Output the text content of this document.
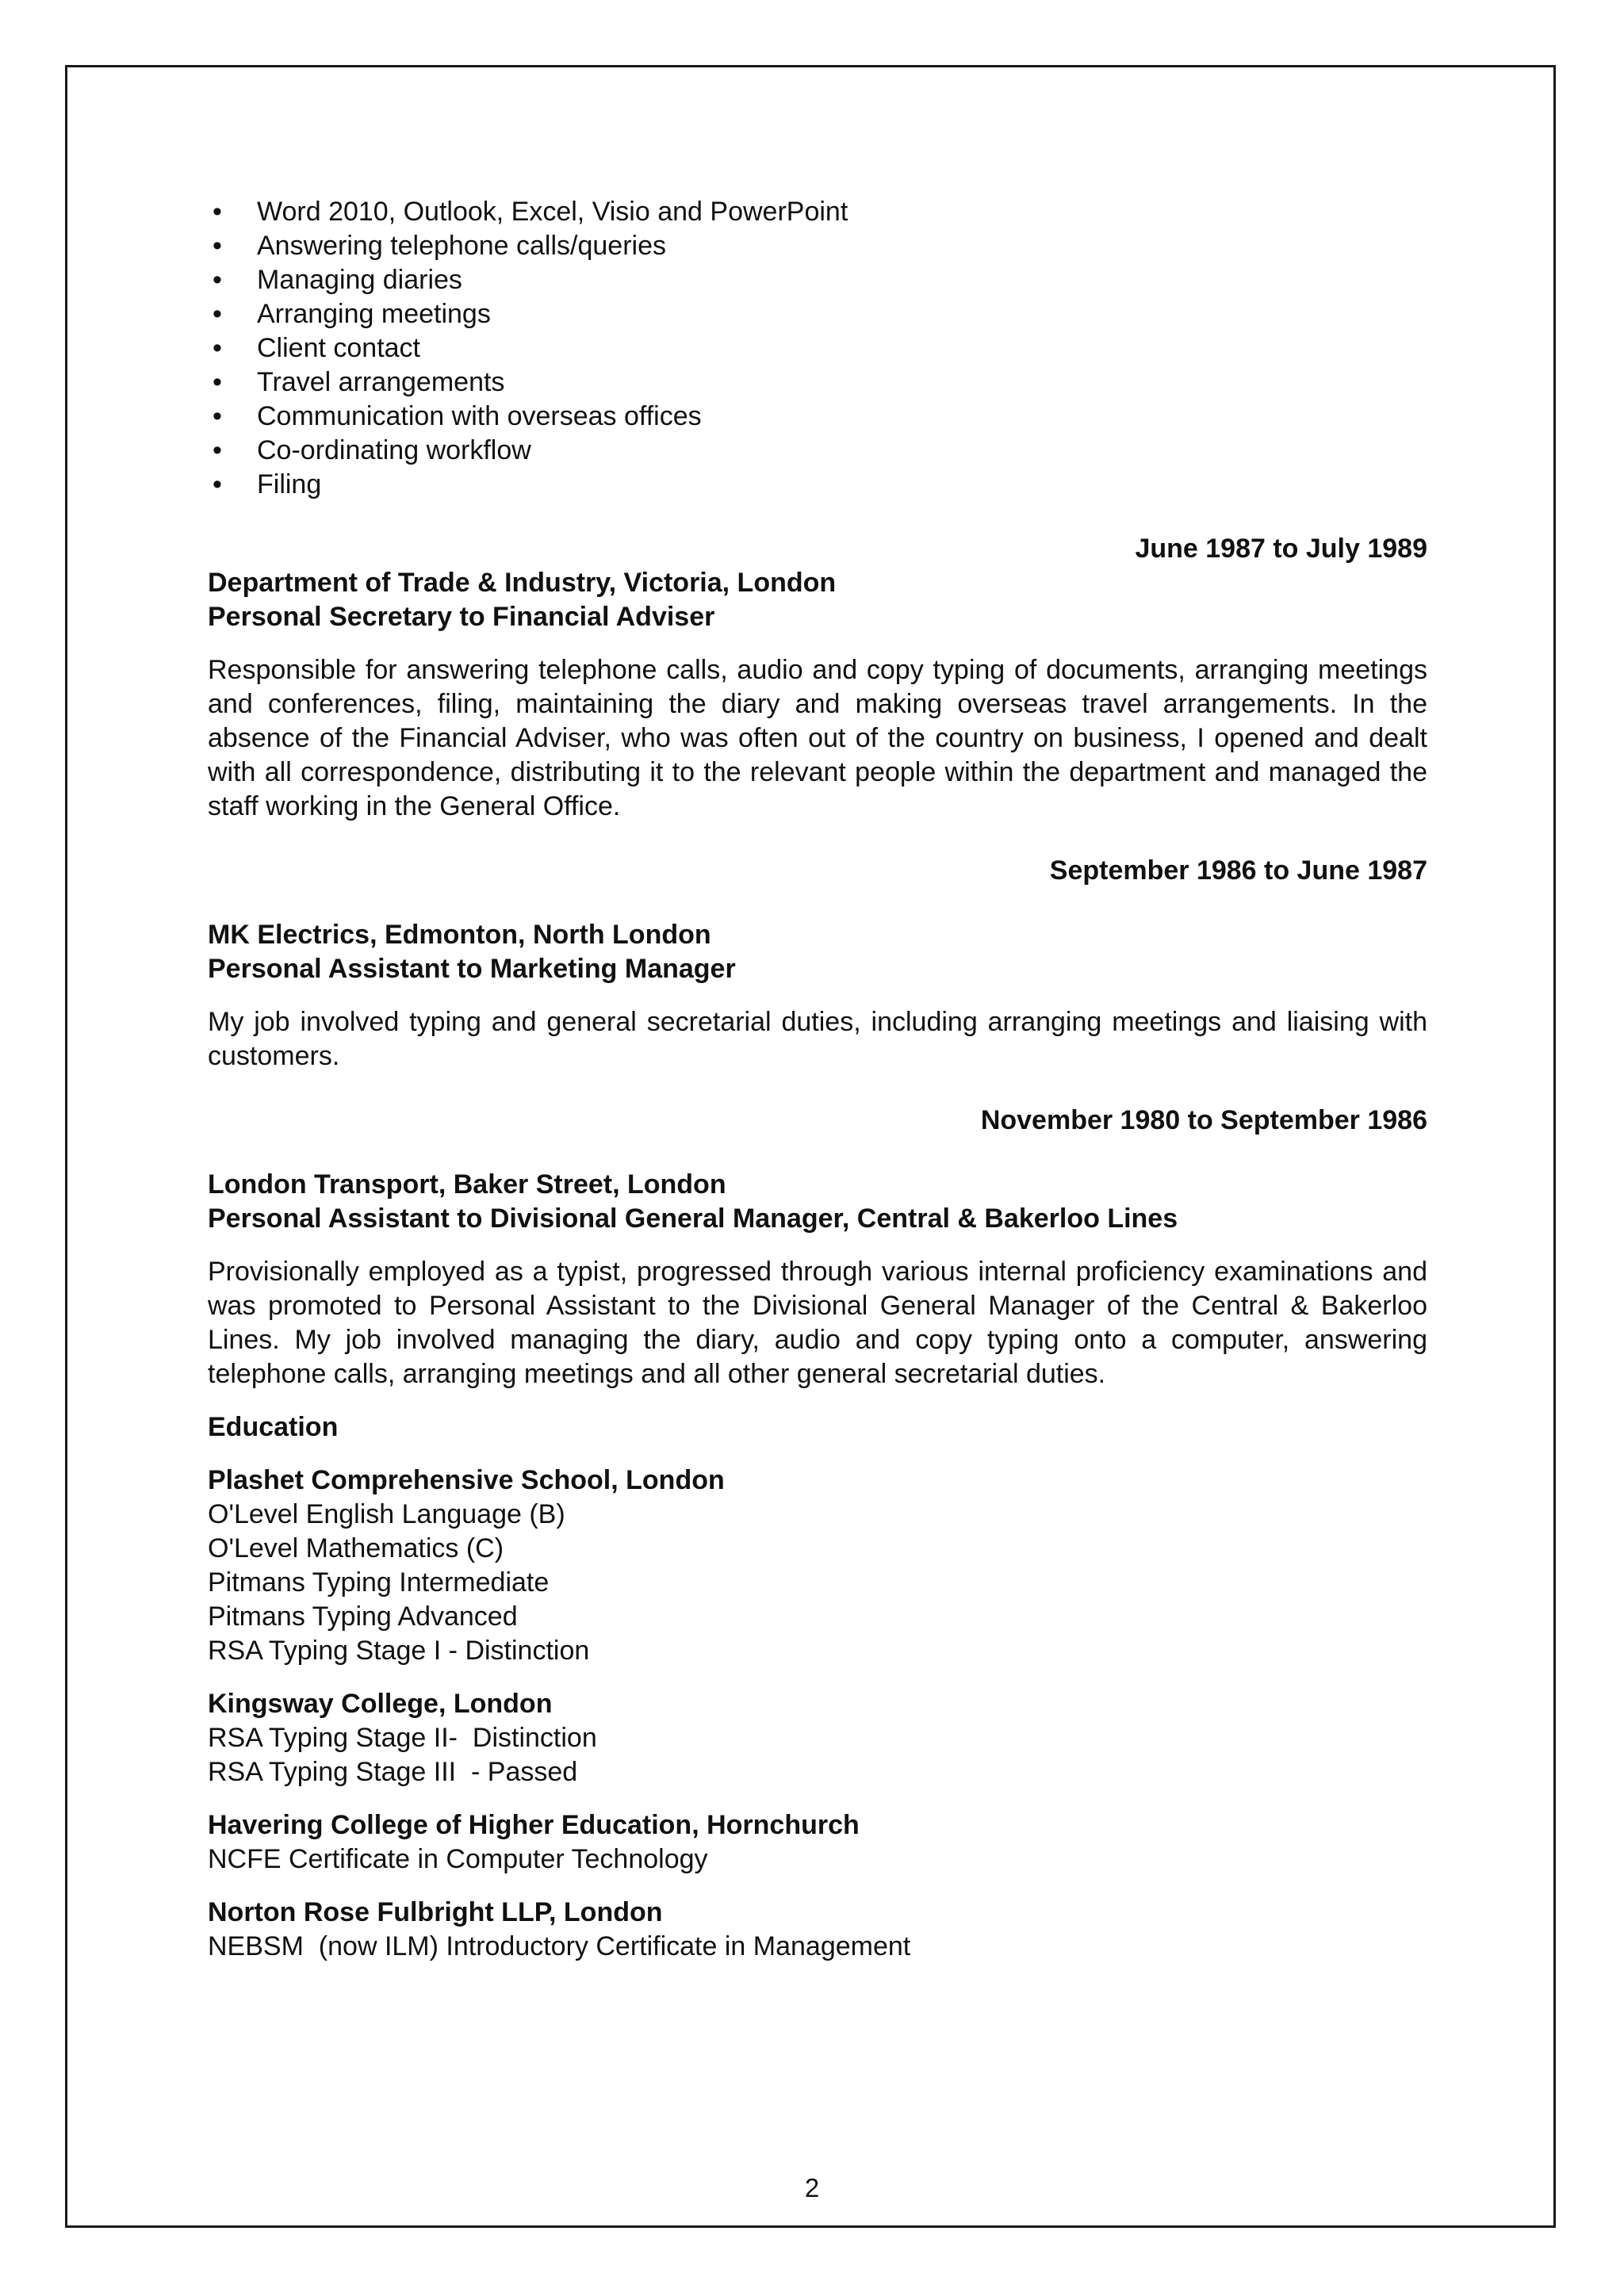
• Word 2010, Outlook, Excel, Visio and PowerPoint
• Answering telephone calls/queries
• Managing diaries
• Arranging meetings
• Client contact
• Travel arrangements
• Communication with overseas offices
• Co-ordinating workflow
• Filing
June 1987 to July 1989
Department of Trade & Industry, Victoria, London
Personal Secretary to Financial Adviser

Responsible for answering telephone calls, audio and copy typing of documents, arranging meetings and conferences, filing, maintaining the diary and making overseas travel arrangements. In the absence of the Financial Adviser, who was often out of the country on business, I opened and dealt with all correspondence, distributing it to the relevant people within the department and managed the staff working in the General Office.

September 1986 to June 1987
MK Electrics, Edmonton, North London
Personal Assistant to Marketing Manager

My job involved typing and general secretarial duties, including arranging meetings and liaising with customers.

November 1980 to September 1986
London Transport, Baker Street, London
Personal Assistant to Divisional General Manager, Central & Bakerloo Lines

Provisionally employed as a typist, progressed through various internal proficiency examinations and was promoted to Personal Assistant to the Divisional General Manager of the Central & Bakerloo Lines. My job involved managing the diary, audio and copy typing onto a computer, answering telephone calls, arranging meetings and all other general secretarial duties.

Education
Plashet Comprehensive School, London
O'Level English Language (B)
O'Level Mathematics (C)
Pitmans Typing Intermediate
Pitmans Typing Advanced
RSA Typing Stage I - Distinction
Kingsway College, London
RSA Typing Stage II-  Distinction
RSA Typing Stage III  - Passed
Havering College of Higher Education, Hornchurch
NCFE Certificate in Computer Technology
Norton Rose Fulbright LLP, London
NEBSM  (now ILM) Introductory Certificate in Management
2
